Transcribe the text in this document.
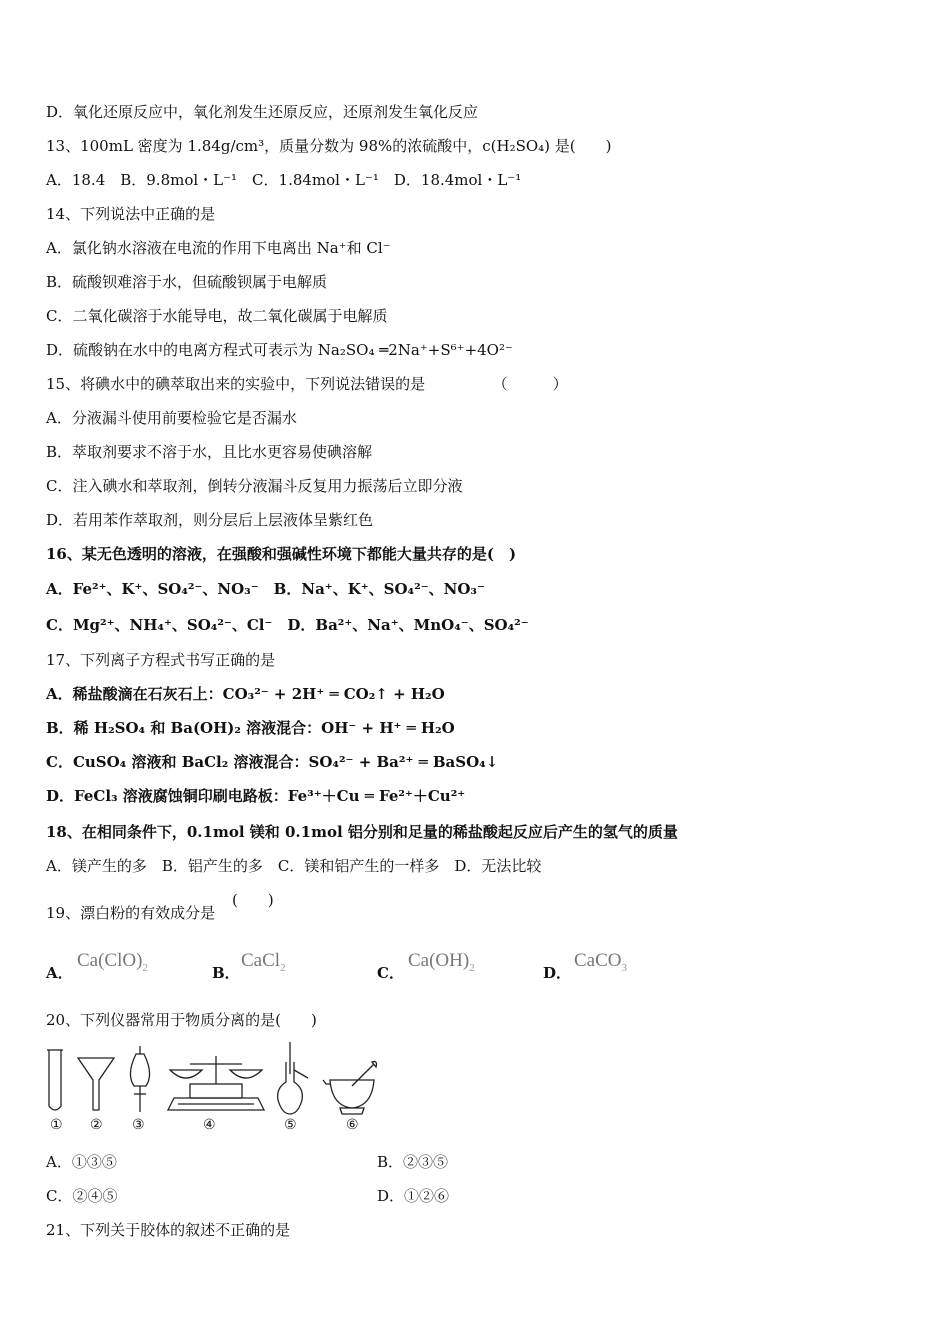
D．氧化还原反应中，氧化剂发生还原反应，还原剂发生氧化反应
13、100mL 密度为 1.84g/cm³，质量分数为 98%的浓硫酸中，c(H₂SO₄) 是(　　)
A．18.4　B．9.8mol・L⁻¹　C．1.84mol・L⁻¹　D．18.4mol・L⁻¹
14、下列说法中正确的是
A．氯化钠水溶液在电流的作用下电离出 Na⁺和 Cl⁻
B．硫酸钡难溶于水，但硫酸钡属于电解质
C．二氧化碳溶于水能导电，故二氧化碳属于电解质
D．硫酸钠在水中的电离方程式可表示为 Na₂SO₄ ═2Na⁺+S⁶⁺+4O²⁻
15、将碘水中的碘萃取出来的实验中，下列说法错误的是　　　　　（　　　）
A．分液漏斗使用前要检验它是否漏水
B．萃取剂要求不溶于水，且比水更容易使碘溶解
C．注入碘水和萃取剂，倒转分液漏斗反复用力振荡后立即分液
D．若用苯作萃取剂，则分层后上层液体呈紫红色
16、某无色透明的溶液，在强酸和强碱性环境下都能大量共存的是(　)
A．Fe²⁺、K⁺、SO₄²⁻、NO₃⁻　B．Na⁺、K⁺、SO₄²⁻、NO₃⁻
C．Mg²⁺、NH₄⁺、SO₄²⁻、Cl⁻　D．Ba²⁺、Na⁺、MnO₄⁻、SO₄²⁻
17、下列离子方程式书写正确的是
A．稀盐酸滴在石灰石上：CO₃²⁻ + 2H⁺ ═ CO₂↑ + H₂O
B．稀 H₂SO₄ 和 Ba(OH)₂ 溶液混合：OH⁻ + H⁺ ═ H₂O
C．CuSO₄ 溶液和 BaCl₂ 溶液混合：SO₄²⁻ + Ba²⁺ ═ BaSO₄↓
D．FeCl₃ 溶液腐蚀铜印刷电路板：Fe³⁺＋Cu ═ Fe²⁺＋Cu²⁺
18、在相同条件下，0.1mol 镁和 0.1mol 铝分别和足量的稀盐酸起反应后产生的氢气的质量
A．镁产生的多　B．铝产生的多　C．镁和铝产生的一样多　D．无法比较
19、漂白粉的有效成分是
(　　)
A．
$Ca(ClO)_2$	B．
CaCl$_2$	C．
$Ca(OH)_2$	D．
CaCO$_3$
20、下列仪器常用于物质分离的是(　　)
① ② ③	④	⑤	⑥
A．①③⑤	B．②③⑤
C．②④⑤	D．①②⑥
21、下列关于胶体的叙述不正确的是
